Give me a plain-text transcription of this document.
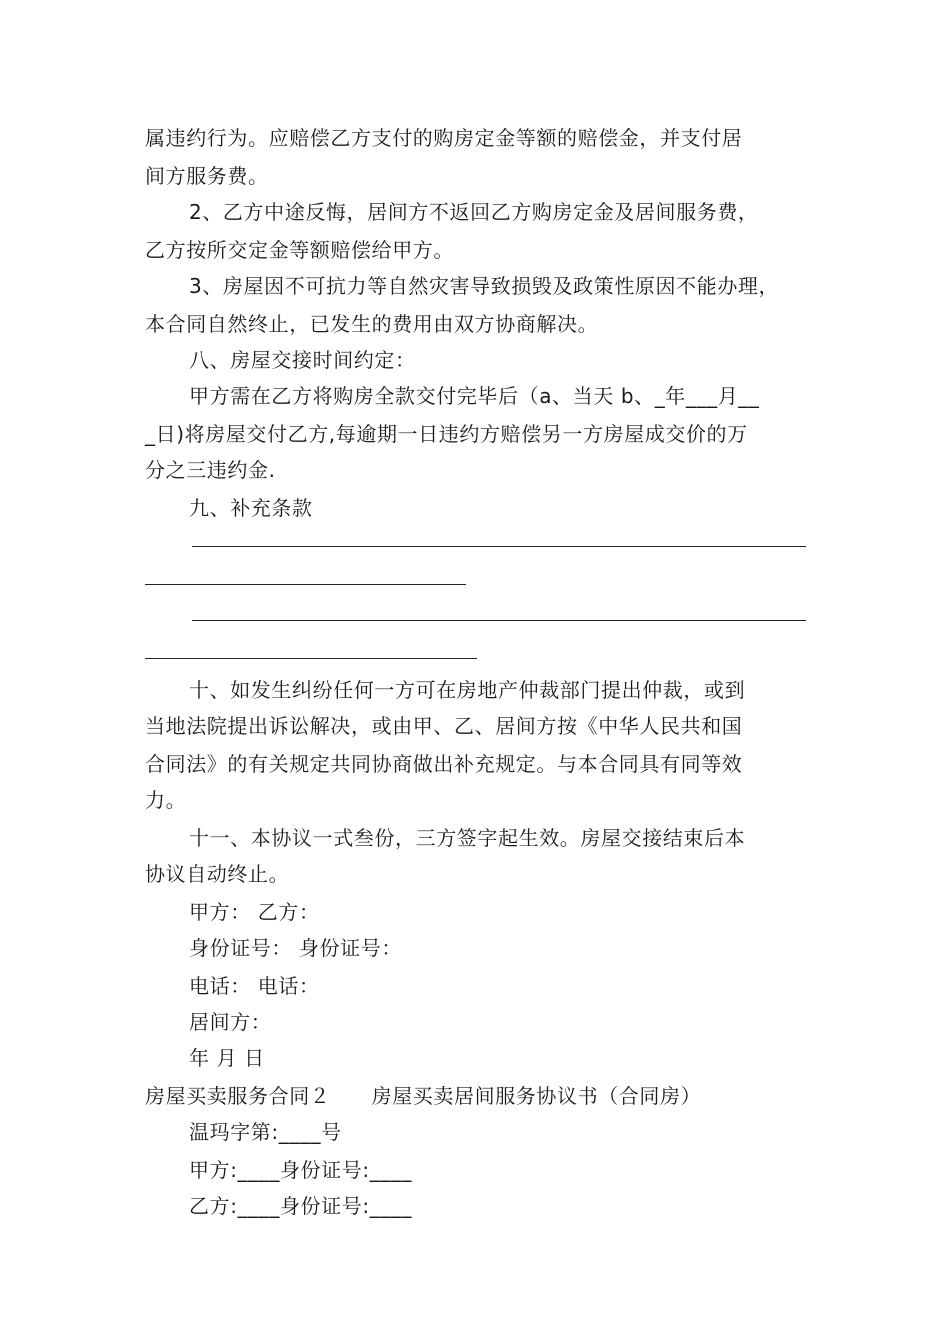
属违约行为。应赔偿乙方支付的购房定金等额的赔偿金，并支付居
间方服务费。
2、乙方中途反悔，居间方不返回乙方购房定金及居间服务费，
乙方按所交定金等额赔偿给甲方。
3、房屋因不可抗力等自然灾害导致损毁及政策性原因不能办理，
本合同自然终止，已发生的费用由双方协商解决。
八、房屋交接时间约定：
甲方需在乙方将购房全款交付完毕后（a、当天 b、_年___月__
_日)将房屋交付乙方,每逾期一日违约方赔偿另一方房屋成交价的万
分之三违约金.
九、补充条款
十、如发生纠纷任何一方可在房地产仲裁部门提出仲裁，或到
当地法院提出诉讼解决，或由甲、乙、居间方按《中华人民共和国
合同法》的有关规定共同协商做出补充规定。与本合同具有同等效
力。
十一、本协议一式叁份，三方签字起生效。房屋交接结束后本
协议自动终止。
甲方： 乙方：
身份证号： 身份证号：
电话： 电话：
居间方：
年 月 日
房屋买卖服务合同２　　房屋买卖居间服务协议书（合同房）
温玛字第:____号
甲方:____身份证号:____
乙方:____身份证号:____
